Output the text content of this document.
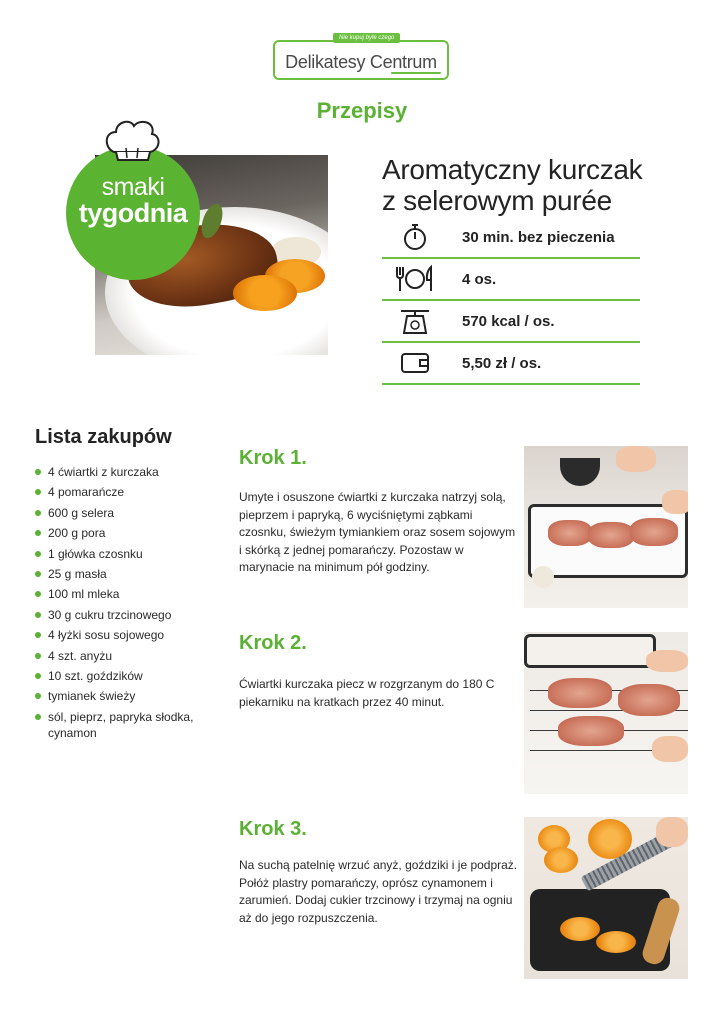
Nie kupuj byle czego
Delikatesy Centrum
Przepisy
smaki
tygodnia
Aromatyczny kurczak
z selerowym purée
30 min. bez pieczenia
4 os.
570 kcal / os.
5,50 zł / os.
Lista zakupów
4 ćwiartki z kurczaka
4 pomarańcze
600 g selera
200 g pora
1 główka czosnku
25 g masła
100 ml mleka
30 g cukru trzcinowego
4 łyżki sosu sojowego
4 szt. anyżu
10 szt. goździków
tymianek świeży
sól, pieprz, papryka słodka, cynamon
Krok 1.
Umyte i osuszone ćwiartki z kurczaka natrzyj solą, pieprzem i papryką, 6 wyciśniętymi ząbkami czosnku, świeżym tymiankiem oraz sosem sojowym i skórką z jednej pomarańczy. Pozostaw w marynacie na minimum pół godziny.
Krok 2.
Ćwiartki kurczaka piecz w rozgrzanym do 180 C piekarniku na kratkach przez 40 minut.
Krok 3.
Na suchą patelnię wrzuć anyż, goździki i je podpraż. Połóż plastry pomarańczy, oprósz cynamonem i zarumień. Dodaj cukier trzcinowy i trzymaj na ogniu aż do jego rozpuszczenia.
